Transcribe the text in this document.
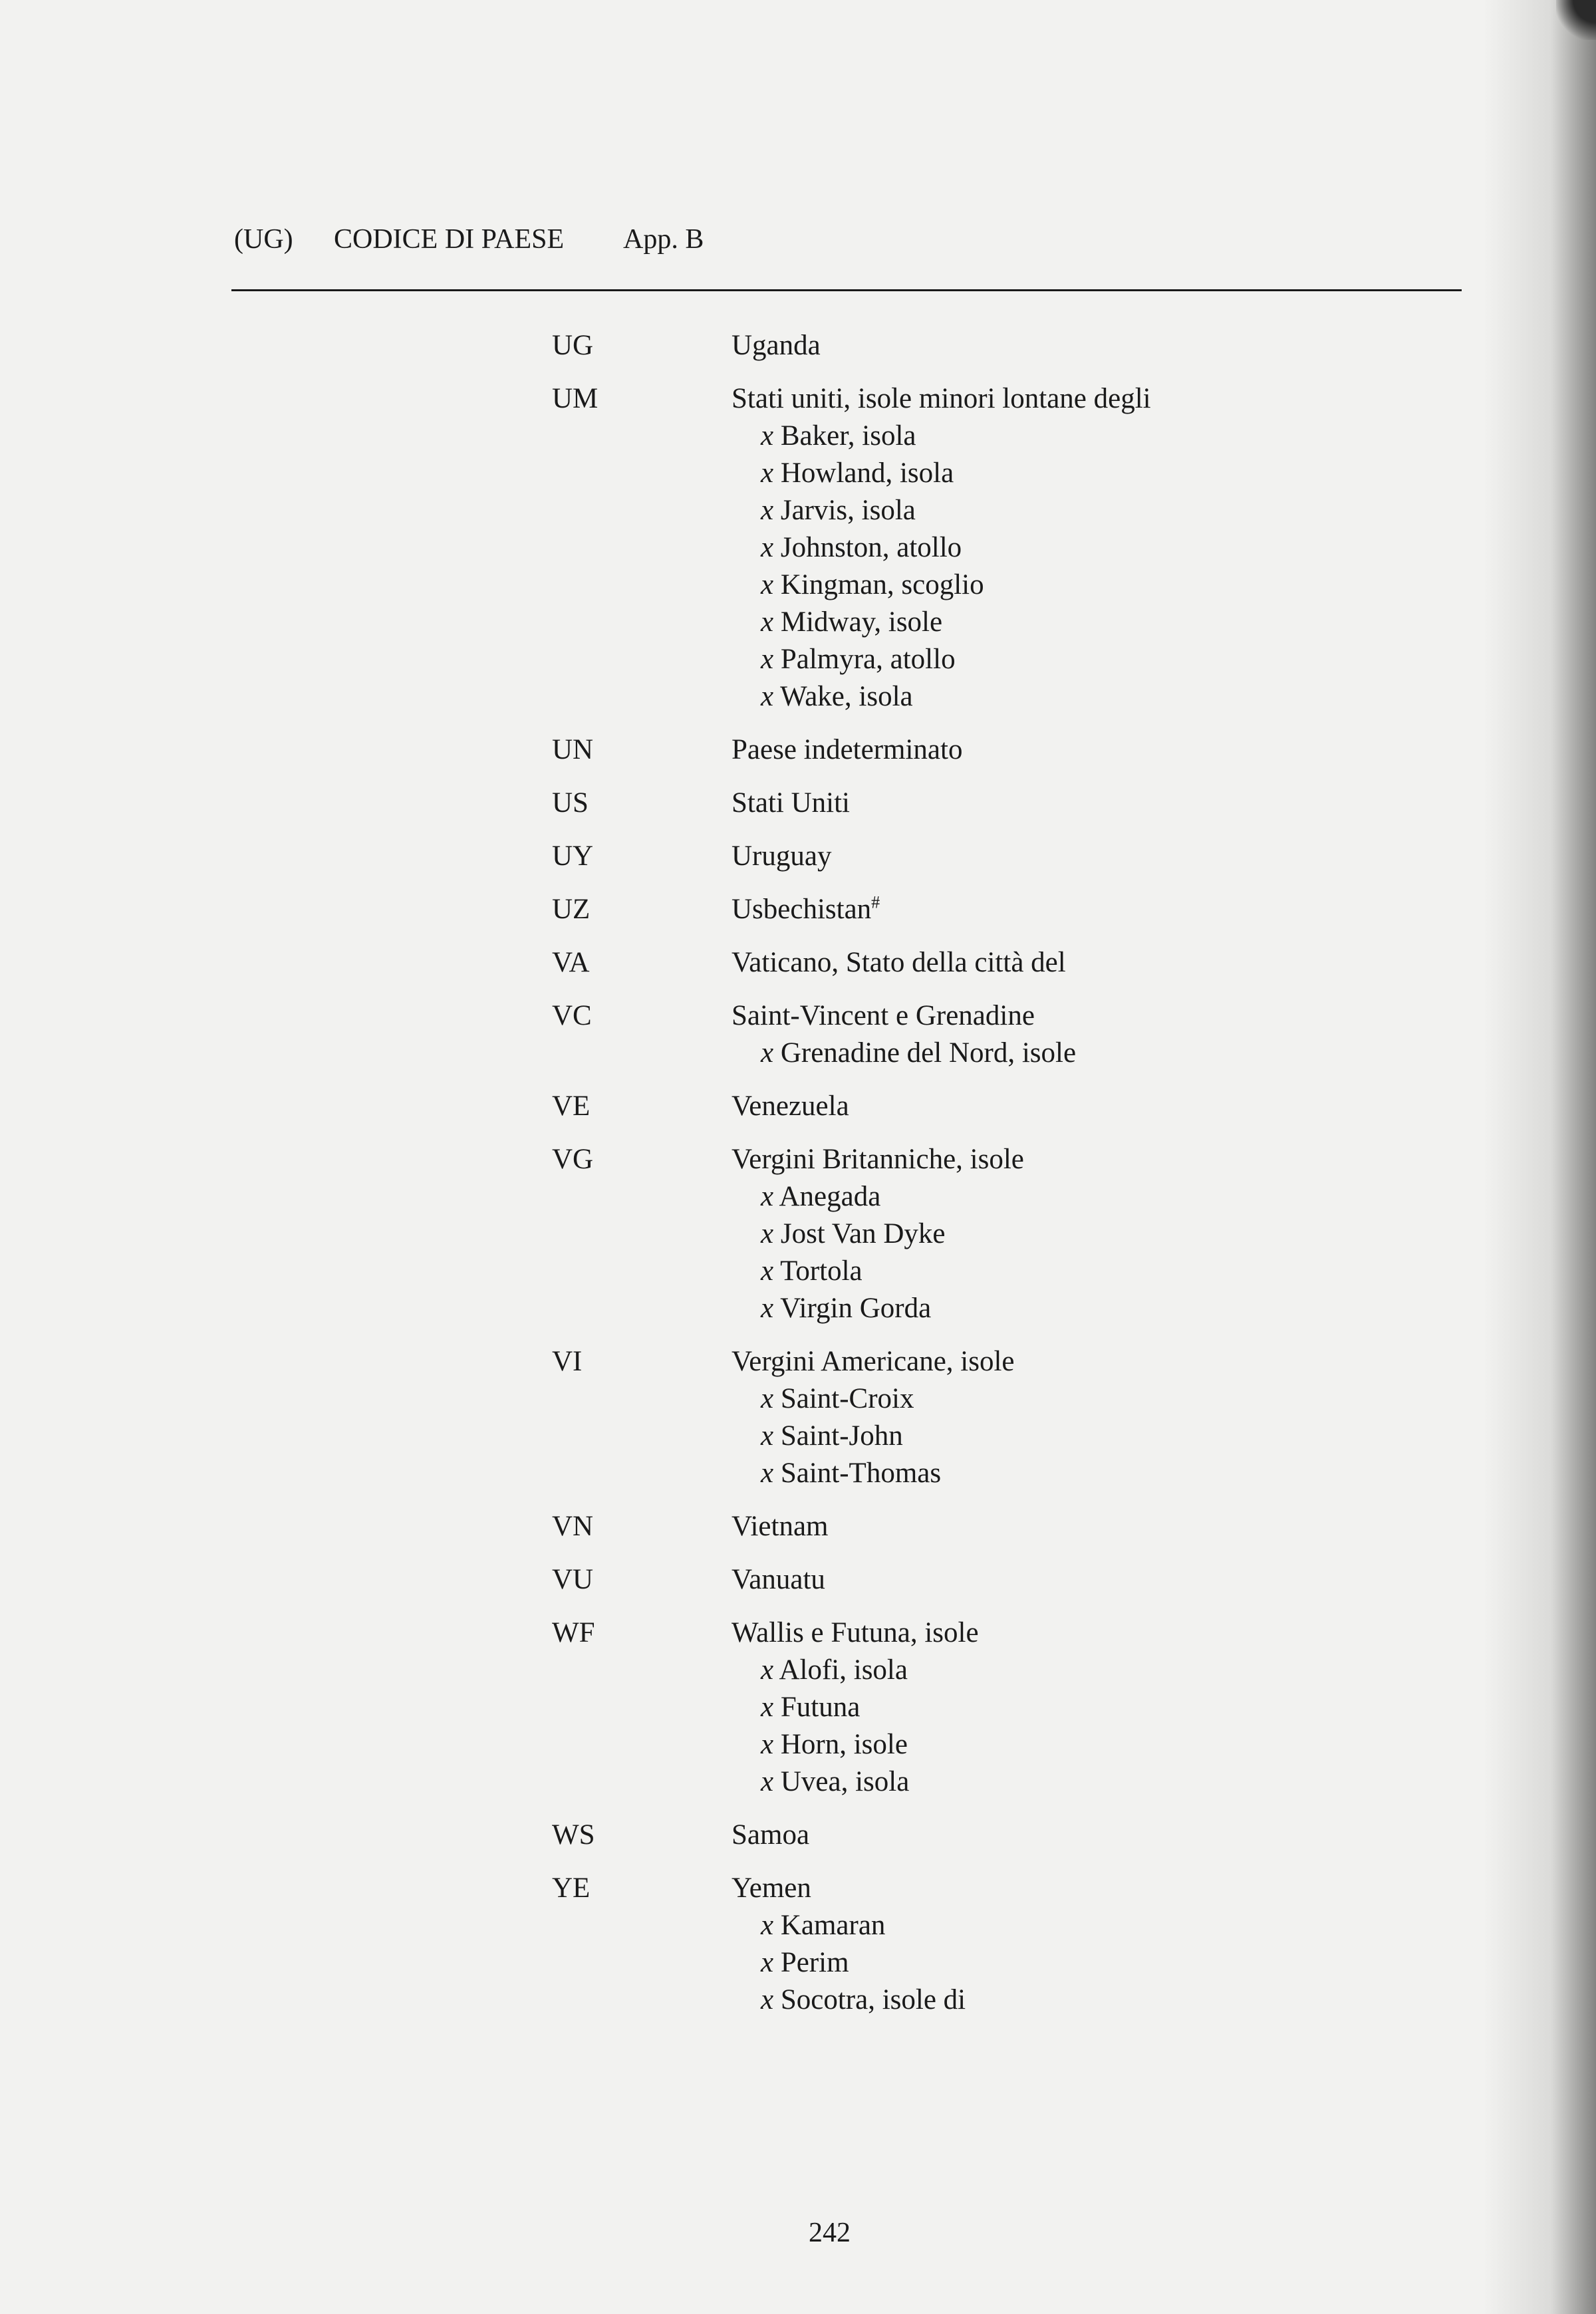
(UG) CODICE DI PAESE App. B
UG	Uganda
UM	Stati uniti, isole minori lontane degli
x Baker, isola
x Howland, isola
x Jarvis, isola
x Johnston, atollo
x Kingman, scoglio
x Midway, isole
x Palmyra, atollo
x Wake, isola
UN	Paese indeterminato
US	Stati Uniti
UY	Uruguay
UZ	Usbechistan#
VA	Vaticano, Stato della città del
VC	Saint-Vincent e Grenadine
x Grenadine del Nord, isole
VE	Venezuela
VG	Vergini Britanniche, isole
x Anegada
x Jost Van Dyke
x Tortola
x Virgin Gorda
VI	Vergini Americane, isole
x Saint-Croix
x Saint-John
x Saint-Thomas
VN	Vietnam
VU	Vanuatu
WF	Wallis e Futuna, isole
x Alofi, isola
x Futuna
x Horn, isole
x Uvea, isola
WS	Samoa
YE	Yemen
x Kamaran
x Perim
x Socotra, isole di
242
